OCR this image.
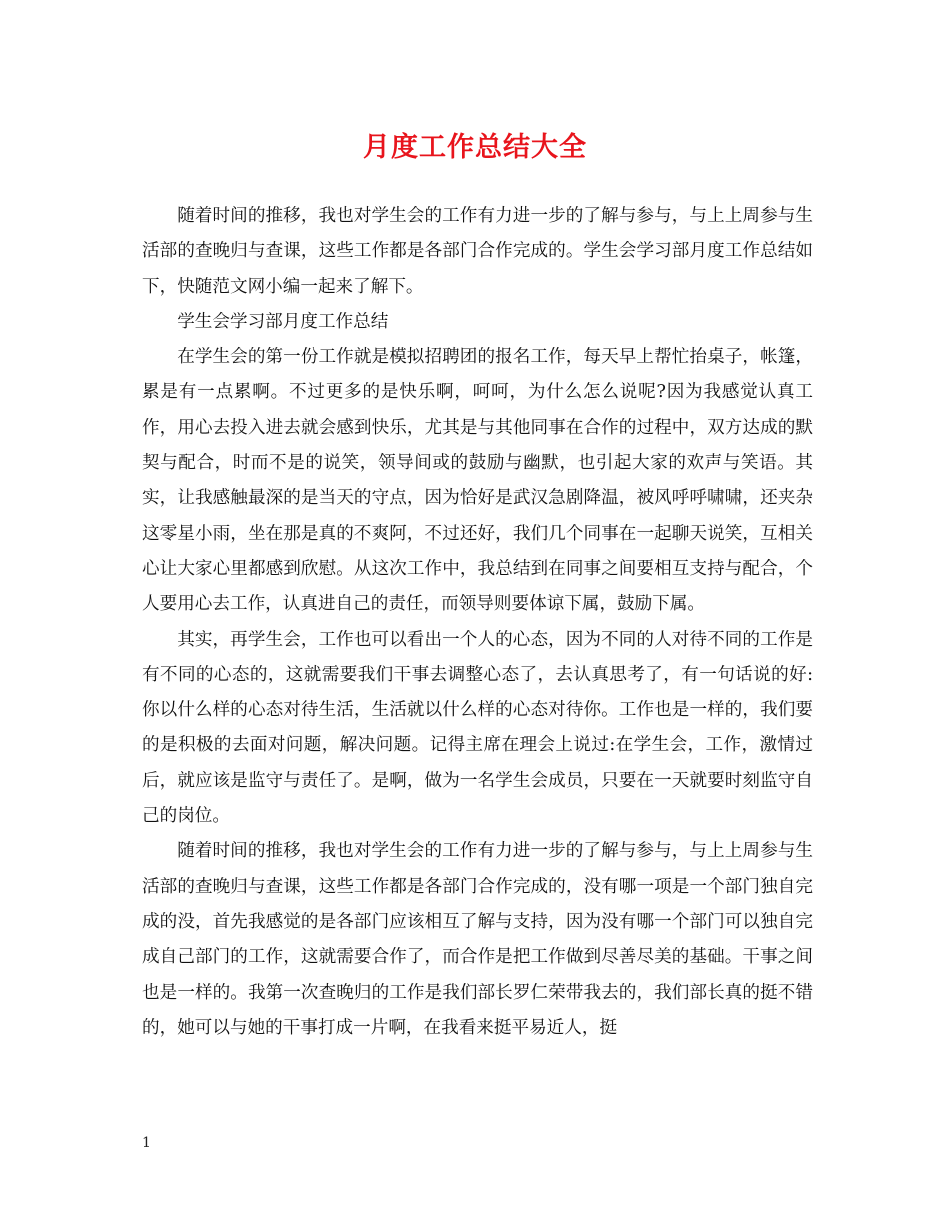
月度工作总结大全

随着时间的推移，我也对学生会的工作有力进一步的了解与参与，与上上周参与生活部的查晚归与查课，这些工作都是各部门合作完成的。学生会学习部月度工作总结如下，快随范文网小编一起来了解下。

学生会学习部月度工作总结

在学生会的第一份工作就是模拟招聘团的报名工作，每天早上帮忙抬桌子，帐篷，累是有一点累啊。不过更多的是快乐啊，呵呵，为什么怎么说呢?因为我感觉认真工作，用心去投入进去就会感到快乐，尤其是与其他同事在合作的过程中，双方达成的默契与配合，时而不是的说笑，领导间或的鼓励与幽默，也引起大家的欢声与笑语。其实，让我感触最深的是当天的守点，因为恰好是武汉急剧降温，被风呼呼啸啸，还夹杂这零星小雨，坐在那是真的不爽阿，不过还好，我们几个同事在一起聊天说笑，互相关心让大家心里都感到欣慰。从这次工作中，我总结到在同事之间要相互支持与配合，个人要用心去工作，认真进自己的责任，而领导则要体谅下属，鼓励下属。

其实，再学生会，工作也可以看出一个人的心态，因为不同的人对待不同的工作是有不同的心态的，这就需要我们干事去调整心态了，去认真思考了，有一句话说的好:你以什么样的心态对待生活，生活就以什么样的心态对待你。工作也是一样的，我们要的是积极的去面对问题，解决问题。记得主席在理会上说过:在学生会，工作，激情过后，就应该是监守与责任了。是啊，做为一名学生会成员，只要在一天就要时刻监守自己的岗位。

随着时间的推移，我也对学生会的工作有力进一步的了解与参与，与上上周参与生活部的查晚归与查课，这些工作都是各部门合作完成的，没有哪一项是一个部门独自完成的没，首先我感觉的是各部门应该相互了解与支持，因为没有哪一个部门可以独自完成自己部门的工作，这就需要合作了，而合作是把工作做到尽善尽美的基础。干事之间也是一样的。我第一次查晚归的工作是我们部长罗仁荣带我去的，我们部长真的挺不错的，她可以与她的干事打成一片啊，在我看来挺平易近人，挺

1
